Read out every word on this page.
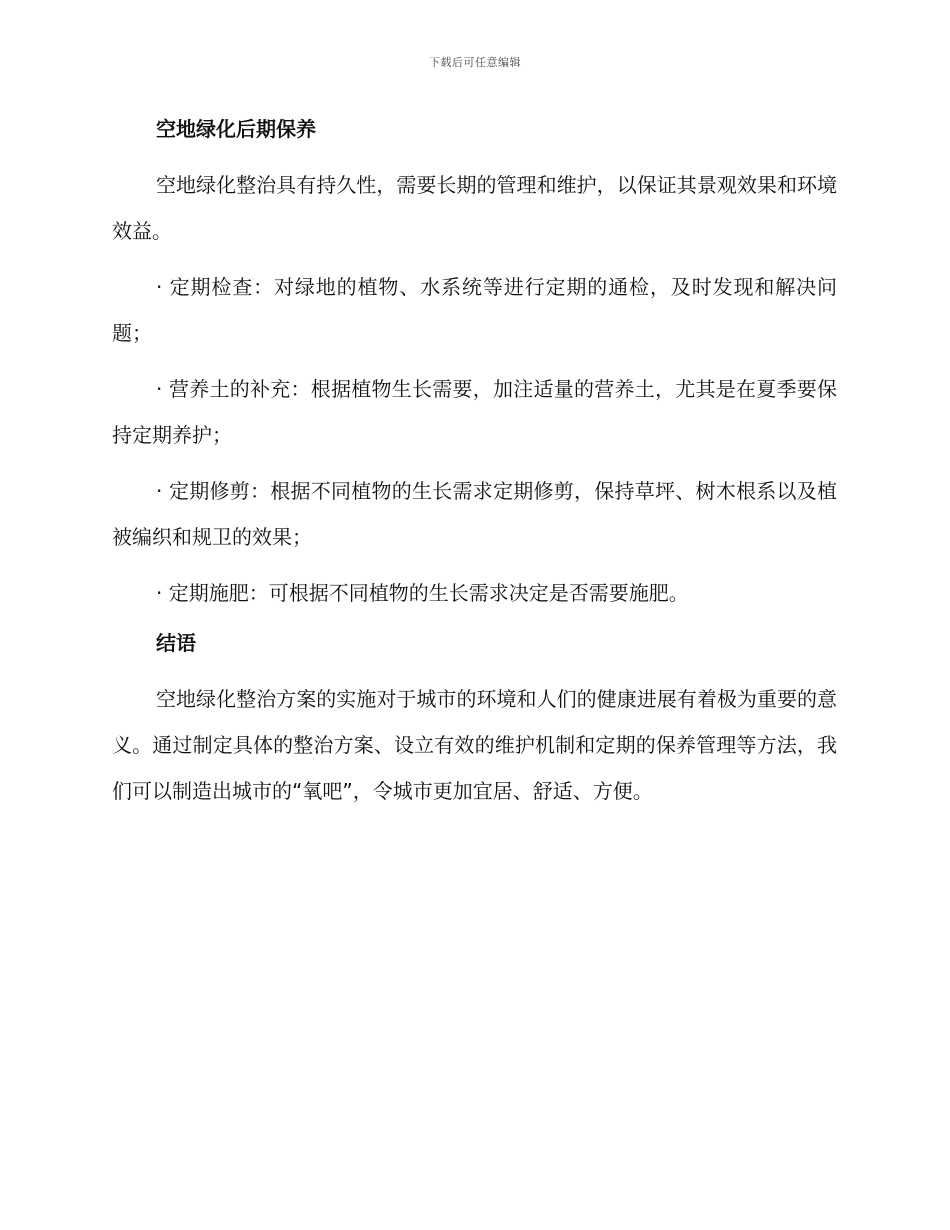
下载后可任意编辑
空地绿化后期保养

空地绿化整治具有持久性，需要长期的管理和维护，以保证其景观效果和环境效益。

· 定期检查：对绿地的植物、水系统等进行定期的通检，及时发现和解决问题；

· 营养土的补充：根据植物生长需要，加注适量的营养土，尤其是在夏季要保持定期养护；

· 定期修剪：根据不同植物的生长需求定期修剪，保持草坪、树木根系以及植被编织和规卫的效果；

· 定期施肥：可根据不同植物的生长需求决定是否需要施肥。

结语

空地绿化整治方案的实施对于城市的环境和人们的健康进展有着极为重要的意义。通过制定具体的整治方案、设立有效的维护机制和定期的保养管理等方法，我们可以制造出城市的“氧吧”，令城市更加宜居、舒适、方便。
